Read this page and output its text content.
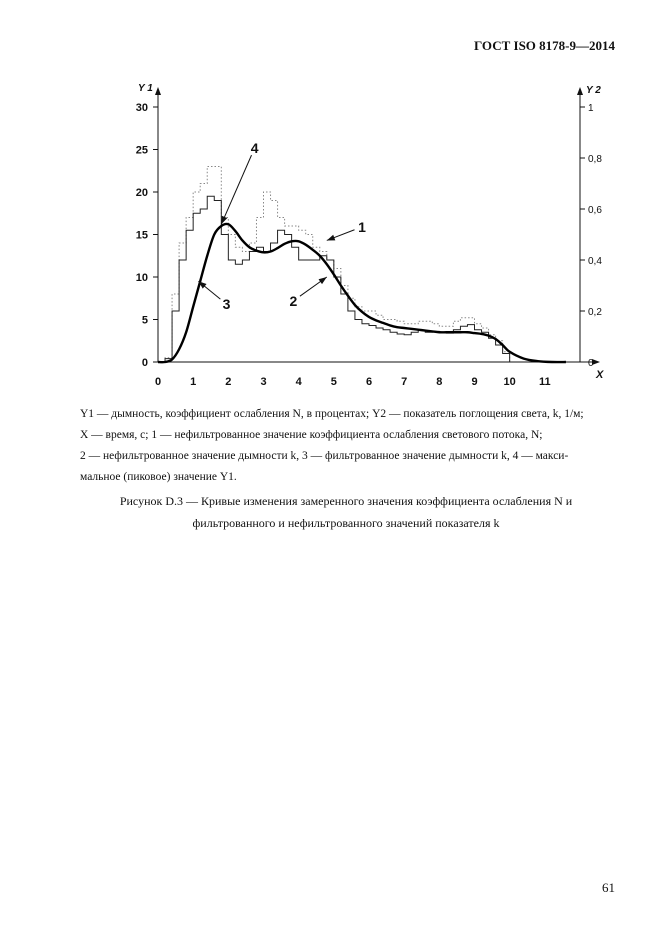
ГОСТ ISO 8178-9—2014
Y 1	Y 2
X
0	1	2	3	4	5	6	7	8	9 10 11
0
5
10
15
20
25
30
0
0,2
0,4
0,6
0,8
1
1
2
3
4

Y1 — дымность, коэффициент ослабления N, в процентах; Y2 — показатель поглощения света, k, 1/м;

X — время, с; 1 — нефильтрованное значение коэффициента ослабления светового потока, N;

2 — нефильтрованное значение дымности k, 3 — фильтрованное значение дымности k, 4 — макси-

мальное (пиковое) значение Y1.

Рисунок D.3 — Кривые изменения замеренного значения коэффициента ослабления N и
фильтрованного и нефильтрованного значений показателя k
61
